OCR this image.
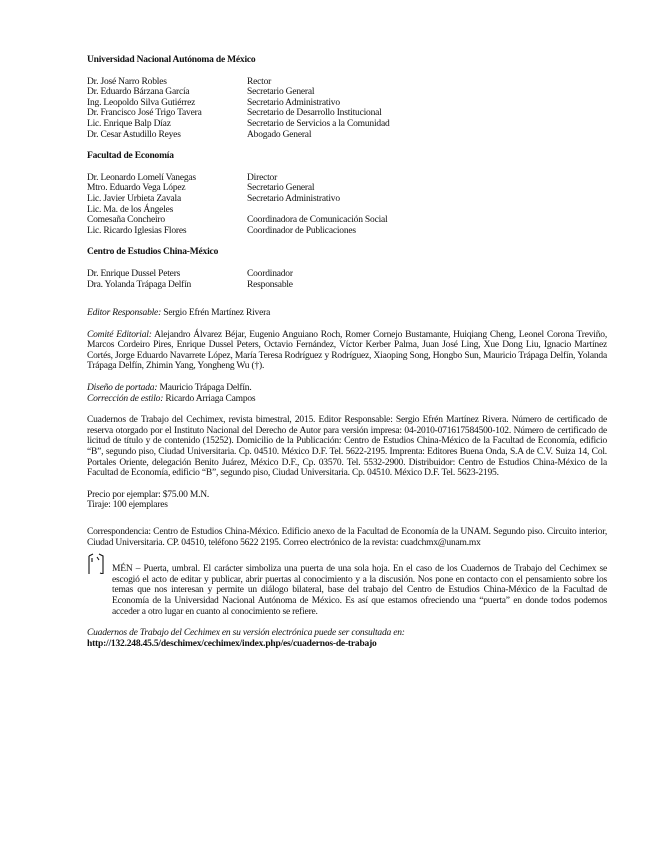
Universidad Nacional Autónoma de México

Dr. José Narro Robles	Rector
Dr. Eduardo Bárzana García	Secretario General
Ing. Leopoldo Silva Gutiérrez	Secretario Administrativo
Dr. Francisco José Trigo Tavera	Secretario de Desarrollo Institucional
Lic. Enrique Balp Díaz	Secretario de Servicios a la Comunidad
Dr. Cesar Astudillo Reyes	Abogado General

Facultad de Economía

Dr. Leonardo Lomelí Vanegas	Director
Mtro. Eduardo Vega López	Secretario General
Lic. Javier Urbieta Zavala	Secretario Administrativo
Lic. Ma. de los Ángeles
Comesaña Concheiro	Coordinadora de Comunicación Social
Lic. Ricardo Iglesias Flores	Coordinador de Publicaciones

Centro de Estudios China-México

Dr. Enrique Dussel Peters	Coordinador
Dra. Yolanda Trápaga Delfín	Responsable

Editor Responsable: Sergio Efrén Martínez Rivera

Comité Editorial: Alejandro Álvarez Béjar, Eugenio Anguiano Roch, Romer Cornejo Bustamante, Huiqiang Cheng, Leonel Corona Treviño, Marcos Cordeiro Pires, Enrique Dussel Peters, Octavio Fernández, Víctor Kerber Palma, Juan José Ling, Xue Dong Liu, Ignacio Martínez Cortés, Jorge Eduardo Navarrete López, María Teresa Rodríguez y Rodríguez, Xiaoping Song, Hongbo Sun, Mauricio Trápaga Delfín, Yolanda Trápaga Delfín, Zhimin Yang, Yongheng Wu (†).

Diseño de portada: Mauricio Trápaga Delfín.

Corrección de estilo: Ricardo Arriaga Campos

Cuadernos de Trabajo del Cechimex, revista bimestral, 2015. Editor Responsable: Sergio Efrén Martínez Rivera. Número de certificado de reserva otorgado por el Instituto Nacional del Derecho de Autor para versión impresa: 04-2010-071617584500-102. Número de certificado de licitud de título y de contenido (15252). Domicilio de la Publicación: Centro de Estudios China-México de la Facultad de Economía, edificio “B”, segundo piso, Ciudad Universitaria. Cp. 04510. México D.F. Tel. 5622-2195. Imprenta: Editores Buena Onda, S.A de C.V. Suiza 14, Col. Portales Oriente, delegación Benito Juárez, México D.F., Cp. 03570. Tel. 5532-2900. Distribuidor: Centro de Estudios China-México de la Facultad de Economía, edificio “B”, segundo piso, Ciudad Universitaria. Cp. 04510. México D.F. Tel. 5623-2195.

Precio por ejemplar: $75.00 M.N.

Tiraje: 100 ejemplares

Correspondencia: Centro de Estudios China-México. Edificio anexo de la Facultad de Economía de la UNAM. Segundo piso. Circuito interior, Ciudad Universitaria. CP. 04510, teléfono 5622 2195. Correo electrónico de la revista: cuadchmx@unam.mx

MÉN – Puerta, umbral. El carácter simboliza una puerta de una sola hoja. En el caso de los Cuadernos de Trabajo del Cechimex se escogió el acto de editar y publicar, abrir puertas al conocimiento y a la discusión. Nos pone en contacto con el pensamiento sobre los temas que nos interesan y permite un diálogo bilateral, base del trabajo del Centro de Estudios China-México de la Facultad de Economía de la Universidad Nacional Autónoma de México. Es así que estamos ofreciendo una “puerta” en donde todos podemos acceder a otro lugar en cuanto al conocimiento se refiere.

Cuadernos de Trabajo del Cechimex en su versión electrónica puede ser consultada en:

http://132.248.45.5/deschimex/cechimex/index.php/es/cuadernos-de-trabajo
